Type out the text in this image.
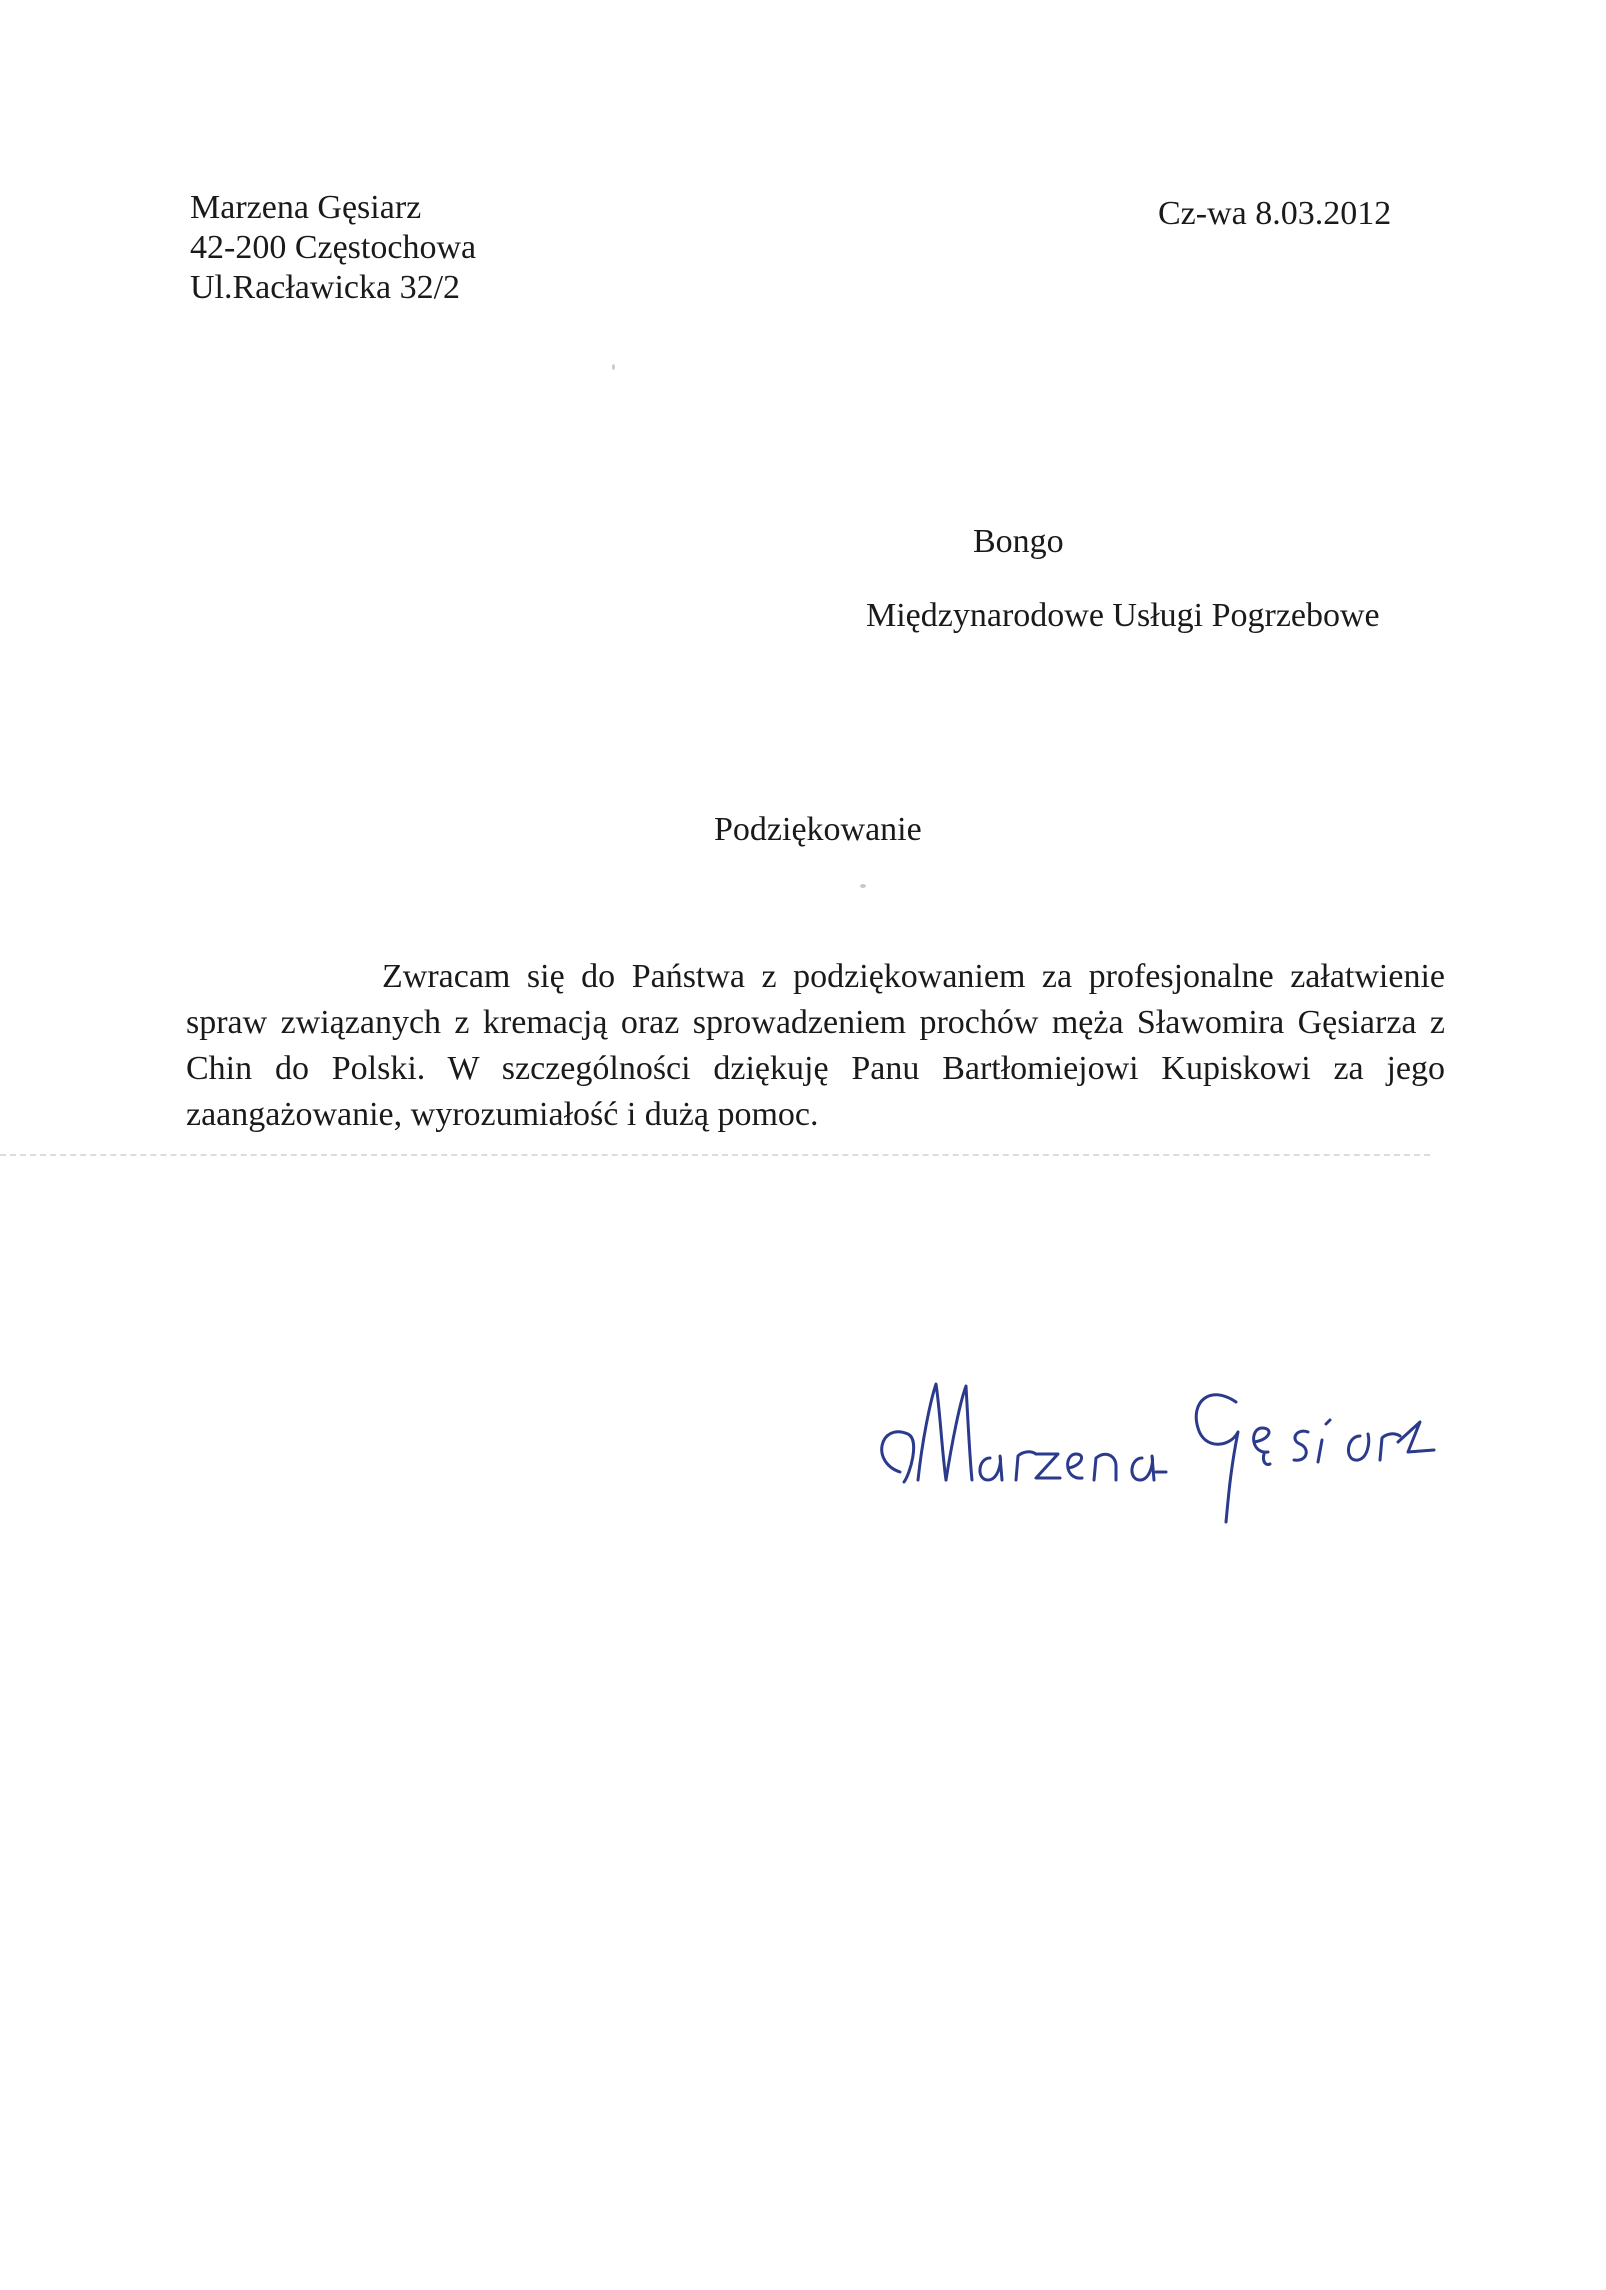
Marzena Gęsiarz
42-200 Częstochowa
Ul.Racławicka 32/2
Cz-wa 8.03.2012
Bongo
Międzynarodowe Usługi Pogrzebowe
Podziękowanie
Zwracam się do Państwa z podziękowaniem za profesjonalne załatwienie
spraw związanych z kremacją oraz sprowadzeniem prochów męża Sławomira Gęsiarza z
Chin do Polski. W szczególności dziękuję Panu Bartłomiejowi Kupiskowi za jego
zaangażowanie, wyrozumiałość i dużą pomoc.
